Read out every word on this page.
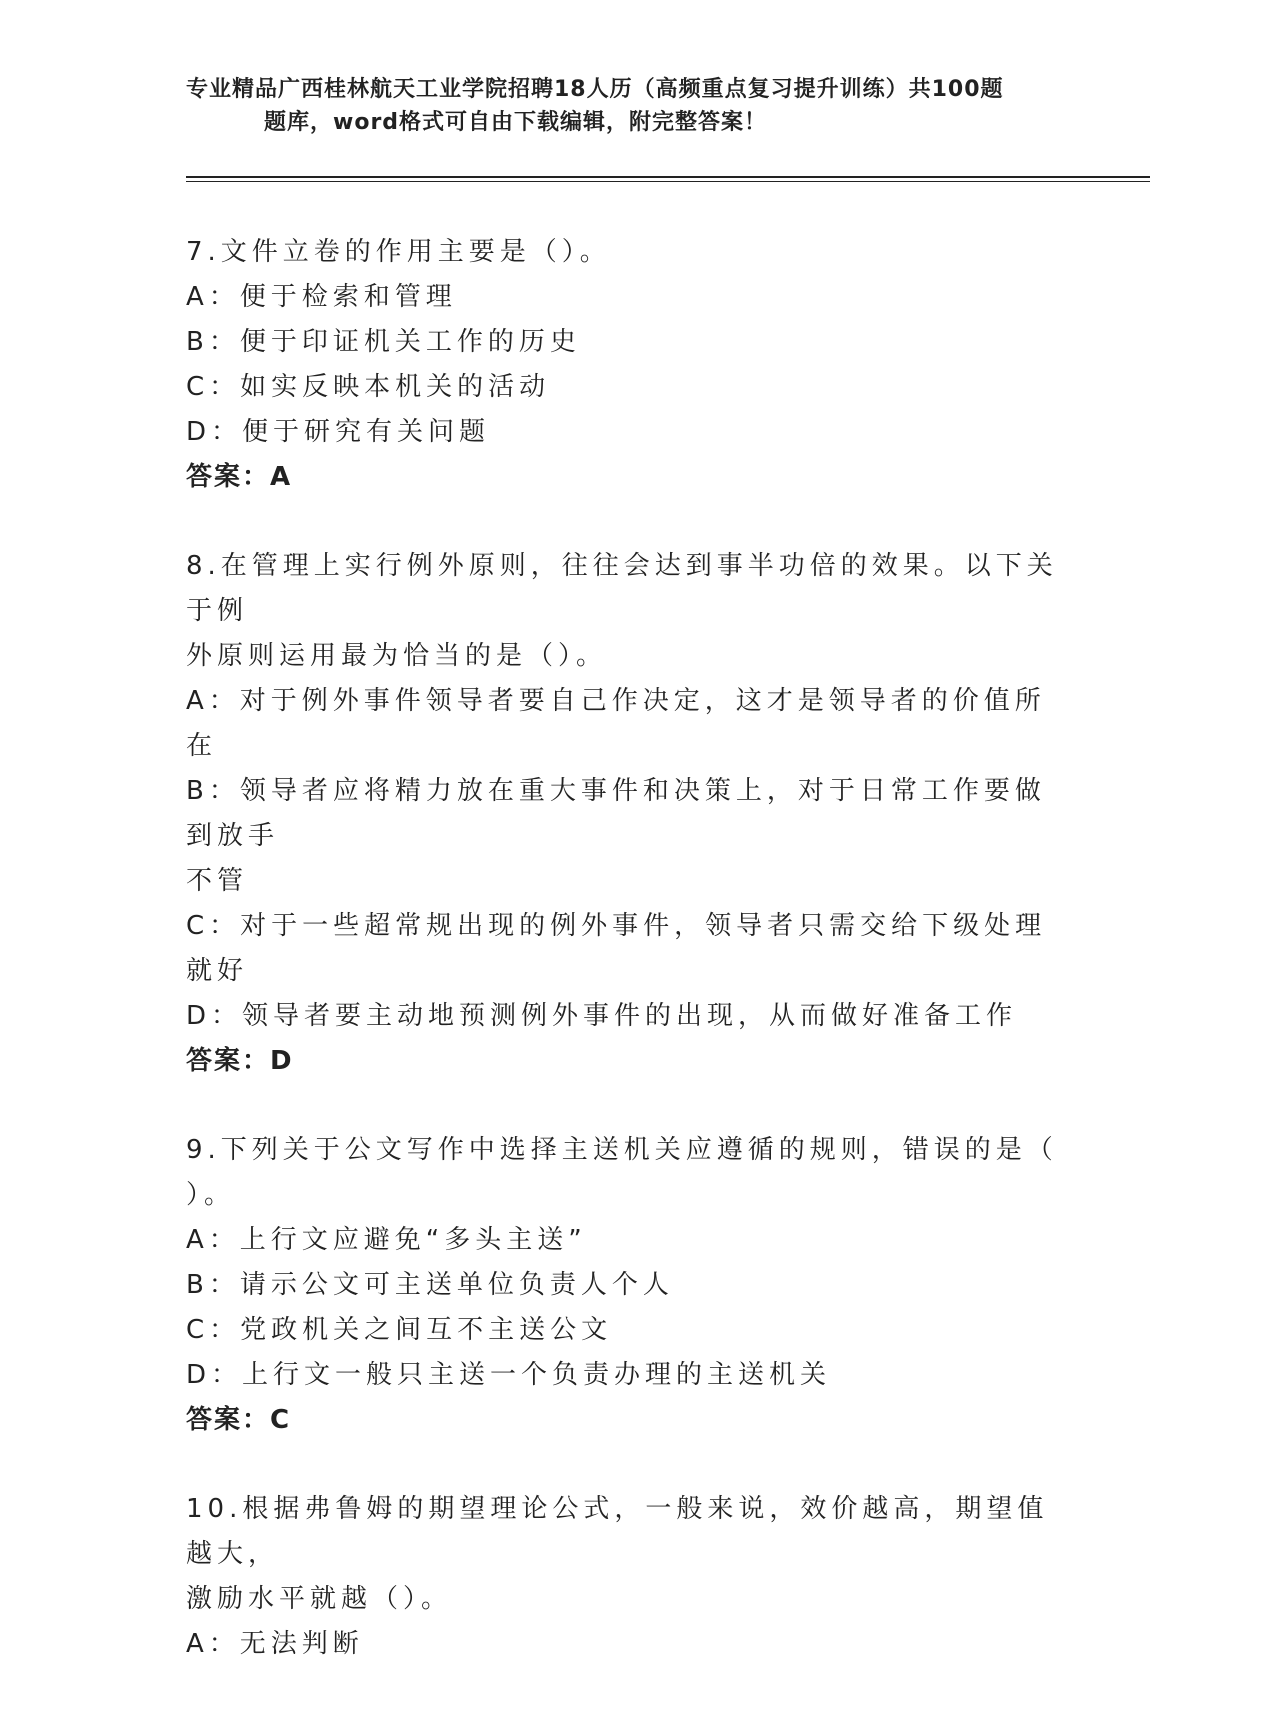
专业精品广西桂林航天工业学院招聘18人历（高频重点复习提升训练）共100题
题库，word格式可自由下载编辑，附完整答案！

7.文件立卷的作用主要是（）。

A：便于检索和管理

B：便于印证机关工作的历史

C：如实反映本机关的活动

D：便于研究有关问题

答案：A

8.在管理上实行例外原则，往往会达到事半功倍的效果。以下关于例

外原则运用最为恰当的是（）。

A：对于例外事件领导者要自己作决定，这才是领导者的价值所在

B：领导者应将精力放在重大事件和决策上，对于日常工作要做到放手

不管

C：对于一些超常规出现的例外事件，领导者只需交给下级处理就好

D：领导者要主动地预测例外事件的出现，从而做好准备工作

答案：D

9.下列关于公文写作中选择主送机关应遵循的规则，错误的是（

）。

A：上行文应避免“多头主送”

B：请示公文可主送单位负责人个人

C：党政机关之间互不主送公文

D：上行文一般只主送一个负责办理的主送机关

答案：C

10.根据弗鲁姆的期望理论公式，一般来说，效价越高，期望值越大，

激励水平就越（）。

A：无法判断
